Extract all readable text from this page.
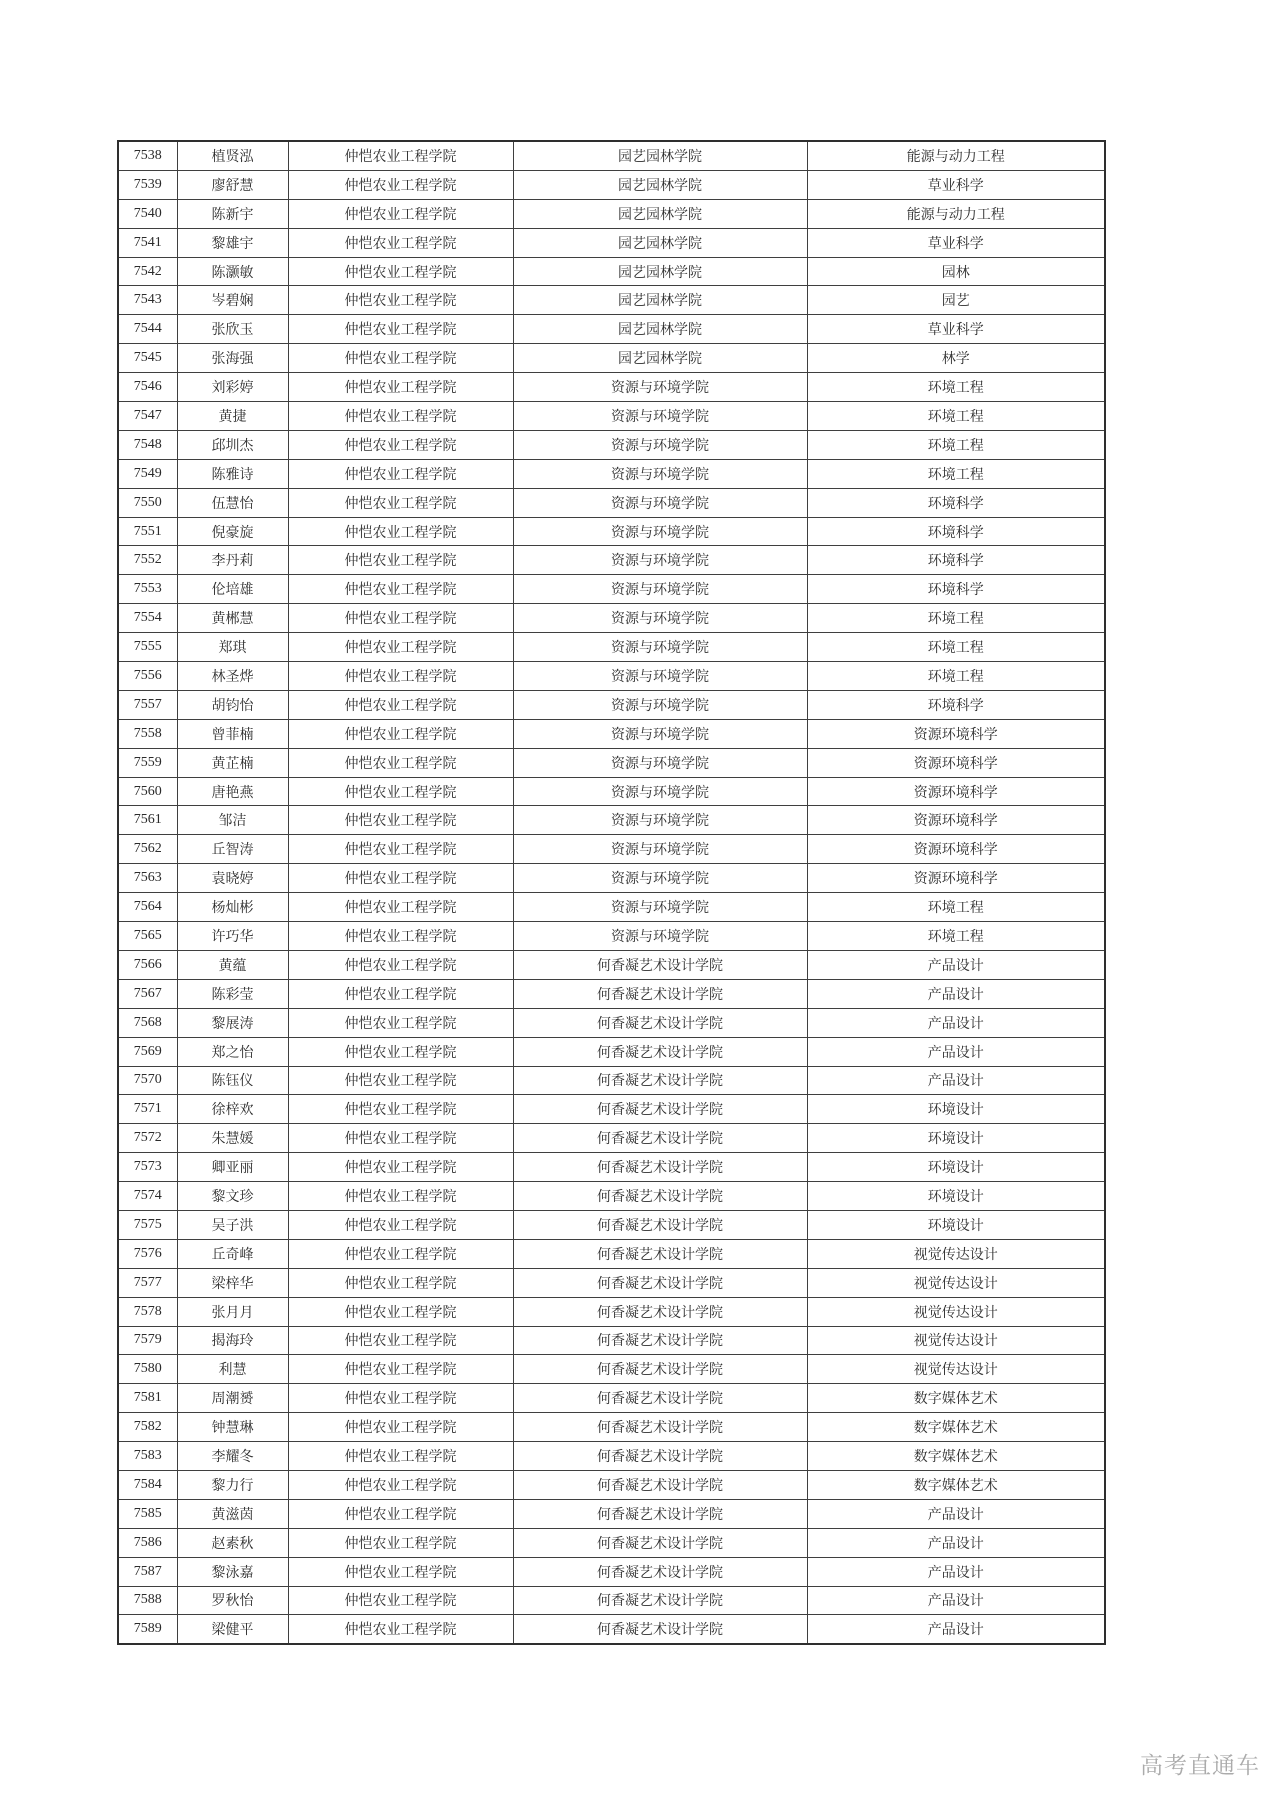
7538	植贤泓	仲恺农业工程学院	园艺园林学院	能源与动力工程
7539	廖舒慧	仲恺农业工程学院	园艺园林学院	草业科学
7540	陈新宇	仲恺农业工程学院	园艺园林学院	能源与动力工程
7541	黎雄宇	仲恺农业工程学院	园艺园林学院	草业科学
7542	陈灏敏	仲恺农业工程学院	园艺园林学院	园林
7543	岑碧娴	仲恺农业工程学院	园艺园林学院	园艺
7544	张欣玉	仲恺农业工程学院	园艺园林学院	草业科学
7545	张海强	仲恺农业工程学院	园艺园林学院	林学
7546	刘彩婷	仲恺农业工程学院	资源与环境学院	环境工程
7547	黄捷	仲恺农业工程学院	资源与环境学院	环境工程
7548	邱圳杰	仲恺农业工程学院	资源与环境学院	环境工程
7549	陈雅诗	仲恺农业工程学院	资源与环境学院	环境工程
7550	伍慧怡	仲恺农业工程学院	资源与环境学院	环境科学
7551	倪豪旋	仲恺农业工程学院	资源与环境学院	环境科学
7552	李丹莉	仲恺农业工程学院	资源与环境学院	环境科学
7553	伦培雄	仲恺农业工程学院	资源与环境学院	环境科学
7554	黄郴慧	仲恺农业工程学院	资源与环境学院	环境工程
7555	郑琪	仲恺农业工程学院	资源与环境学院	环境工程
7556	林圣烨	仲恺农业工程学院	资源与环境学院	环境工程
7557	胡钧怡	仲恺农业工程学院	资源与环境学院	环境科学
7558	曾菲楠	仲恺农业工程学院	资源与环境学院	资源环境科学
7559	黄芷楠	仲恺农业工程学院	资源与环境学院	资源环境科学
7560	唐艳燕	仲恺农业工程学院	资源与环境学院	资源环境科学
7561	邹洁	仲恺农业工程学院	资源与环境学院	资源环境科学
7562	丘智涛	仲恺农业工程学院	资源与环境学院	资源环境科学
7563	袁晓婷	仲恺农业工程学院	资源与环境学院	资源环境科学
7564	杨灿彬	仲恺农业工程学院	资源与环境学院	环境工程
7565	许巧华	仲恺农业工程学院	资源与环境学院	环境工程
7566	黄蕴	仲恺农业工程学院	何香凝艺术设计学院	产品设计
7567	陈彩莹	仲恺农业工程学院	何香凝艺术设计学院	产品设计
7568	黎展涛	仲恺农业工程学院	何香凝艺术设计学院	产品设计
7569	郑之怡	仲恺农业工程学院	何香凝艺术设计学院	产品设计
7570	陈钰仪	仲恺农业工程学院	何香凝艺术设计学院	产品设计
7571	徐梓欢	仲恺农业工程学院	何香凝艺术设计学院	环境设计
7572	朱慧媛	仲恺农业工程学院	何香凝艺术设计学院	环境设计
7573	卿亚丽	仲恺农业工程学院	何香凝艺术设计学院	环境设计
7574	黎文珍	仲恺农业工程学院	何香凝艺术设计学院	环境设计
7575	吴子洪	仲恺农业工程学院	何香凝艺术设计学院	环境设计
7576	丘奇峰	仲恺农业工程学院	何香凝艺术设计学院	视觉传达设计
7577	梁梓华	仲恺农业工程学院	何香凝艺术设计学院	视觉传达设计
7578	张月月	仲恺农业工程学院	何香凝艺术设计学院	视觉传达设计
7579	揭海玲	仲恺农业工程学院	何香凝艺术设计学院	视觉传达设计
7580	利慧	仲恺农业工程学院	何香凝艺术设计学院	视觉传达设计
7581	周潮赟	仲恺农业工程学院	何香凝艺术设计学院	数字媒体艺术
7582	钟慧琳	仲恺农业工程学院	何香凝艺术设计学院	数字媒体艺术
7583	李耀冬	仲恺农业工程学院	何香凝艺术设计学院	数字媒体艺术
7584	黎力行	仲恺农业工程学院	何香凝艺术设计学院	数字媒体艺术
7585	黄滋茵	仲恺农业工程学院	何香凝艺术设计学院	产品设计
7586	赵素秋	仲恺农业工程学院	何香凝艺术设计学院	产品设计
7587	黎泳嘉	仲恺农业工程学院	何香凝艺术设计学院	产品设计
7588	罗秋怡	仲恺农业工程学院	何香凝艺术设计学院	产品设计
7589	梁健平	仲恺农业工程学院	何香凝艺术设计学院	产品设计
高考直通车
